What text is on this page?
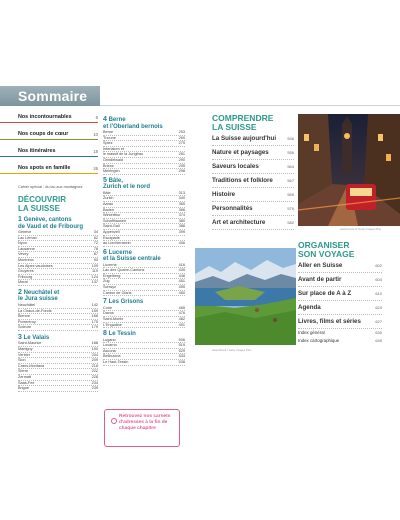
Sommaire
Nos incontournables	6
Nos coups de cœur	10
Nos itinéraires	18
Nos spots en famille	26
Cahier spécial : du lac aux montagnes
DÉCOUVRIR
LA SUISSE
1 Genève, cantons
de Vaud et de Fribourg
Genève	34
Lac Léman	62
Nyon	72
Lausanne	78
Vevey	87
Montreux	93
Les Alpes vaudoises	109
Gruyères	119
Fribourg	124
Morat	137
2 Neuchâtel et
le Jura suisse
Neuchâtel	142
La Chaux-de-Fonds	159
Bienne	168
Porrentruy	175
Soleure	179
3 Le Valais
Saint-Maurice	188
Martigny	190
Verbier	204
Sion	209
Crans-Montana	218
Sierre	222
Zermatt	228
Saas-Fee	234
Brigue	239
4 Berne
et l'Oberland bernois
Berne	253
Thoune	269
Spiez	275
Interlaken et
le massif de la Jungfrau	281
Grindelwald	290
Brienz	295
Meiringen	298
5 Bâle,
Zurich et le nord
Bâle	313
Zurich	340
Aarau	365
Baden	366
Winterthur	374
Schaffhausen	380
Saint-Gall	388
Appenzell	399
Escapade
au Liechtenstein	406
6 Lucerne
et la Suisse centrale
Lucerne	416
Lac des Quatre-Cantons	435
Engelberg	448
Zug	451
Schwyz	455
Canton de Glaris	460
7 Les Grisons
Coire	465
Davos	476
Saint-Moritz	482
L'Engadine	491
8 Le Tessin
Lugano	506
Locarno	519
Ascona	529
Bellinzona	533
Le Haut-Tessin	538
Retrouvez nos carnets d'adresses à la fin de chaque chapitre
www.hemis.fr/ Getty Images Plus
www.iStock / Getty Images Plus
COMPRENDRE
LA SUISSE
La Suisse aujourd'hui	546
Nature et paysages	556
Saveurs locales	564
Traditions et folklore	567
Histoire	569
Personnalités	579
Art et architecture	582
ORGANISER
SON VOYAGE
Aller en Suisse	602
Avant de partir	604
Sur place de A à Z	610
Agenda	624
Livres, films et séries	627
Index général	630
Index cartographique	645
